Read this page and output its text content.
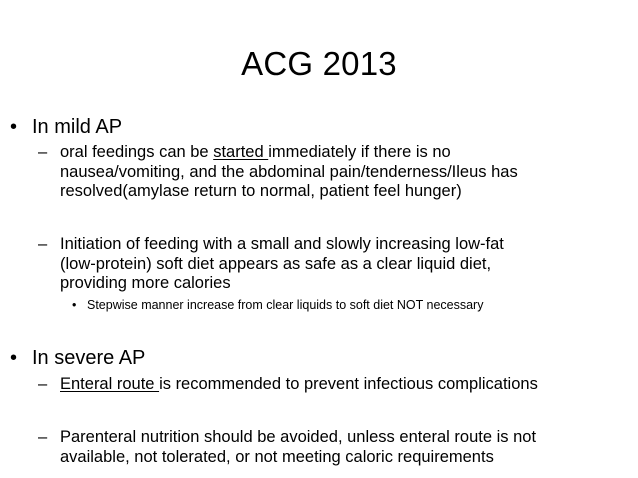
ACG 2013
• In mild AP
– oral feedings can be started immediately if there is no
nausea/vomiting, and the abdominal pain/tenderness/Ileus has
resolved(amylase return to normal, patient feel hunger)
– Initiation of feeding with a small and slowly increasing low-fat
(low-protein) soft diet appears as safe as a clear liquid diet,
providing more calories
• Stepwise manner increase from clear liquids to soft diet NOT necessary
• In severe AP
– Enteral route is recommended to prevent infectious complications
– Parenteral nutrition should be avoided, unless enteral route is not
available, not tolerated, or not meeting caloric requirements
